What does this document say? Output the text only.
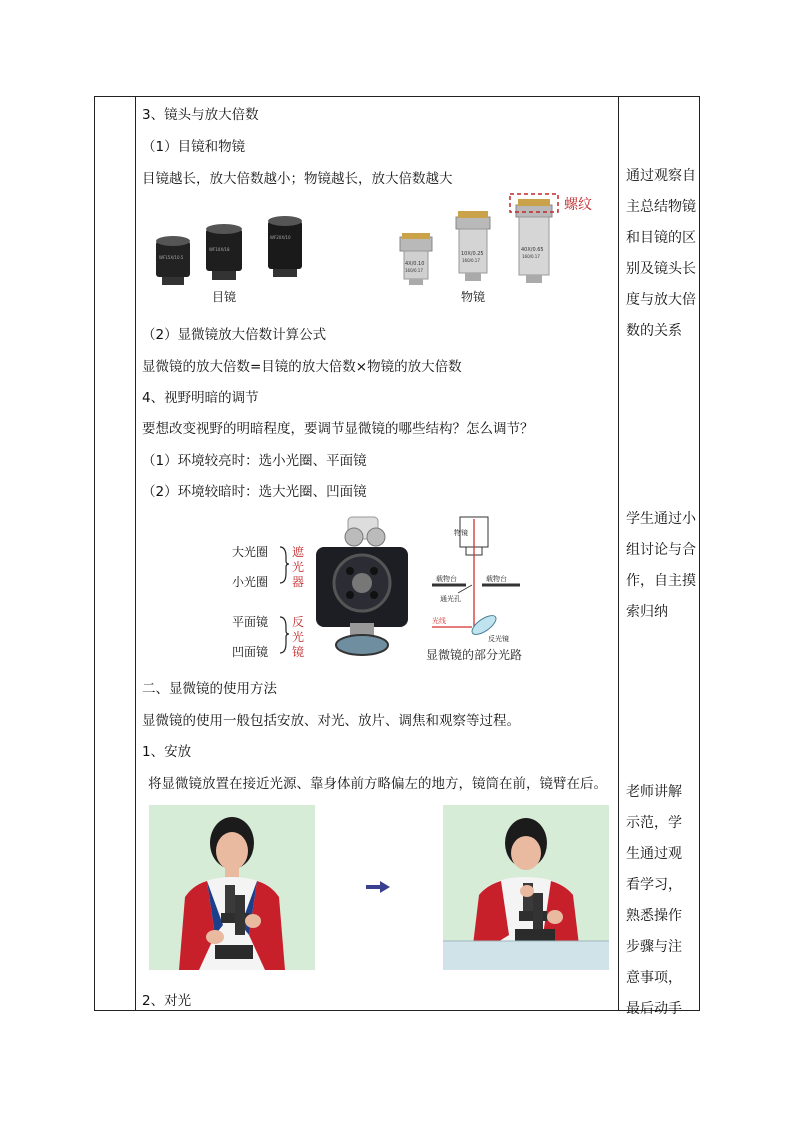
3、镜头与放大倍数
（1）目镜和物镜
目镜越长，放大倍数越小；物镜越长，放大倍数越大
WF15X/10.5
WF10X/18
WF20X/10
目镜
4X/0.10
160/0.17
10X/0.25
160/0.17
40X/0.65
160/0.17
螺纹
物镜
（2）显微镜放大倍数计算公式
显微镜的放大倍数=目镜的放大倍数×物镜的放大倍数
4、视野明暗的调节
要想改变视野的明暗程度，要调节显微镜的哪些结构？怎么调节？
（1）环境较亮时：选小光圈、平面镜
（2）环境较暗时：选大光圈、凹面镜
大光圈
小光圈
遮
光
器
平面镜
凹面镜
反
光
镜
物镜
载物台	载物台
通光孔
光线
反光镜
显微镜的部分光路
二、显微镜的使用方法
显微镜的使用一般包括安放、对光、放片、调焦和观察等过程。
1、安放
将显微镜放置在接近光源、靠身体前方略偏左的地方，镜筒在前，镜臂在后。
2、对光
通过观察自
主总结物镜
和目镜的区
别及镜头长
度与放大倍
数的关系
学生通过小
组讨论与合
作，自主摸
索归纳
老师讲解
示范，学
生通过观
看学习，
熟悉操作
步骤与注
意事项，
最后动手
